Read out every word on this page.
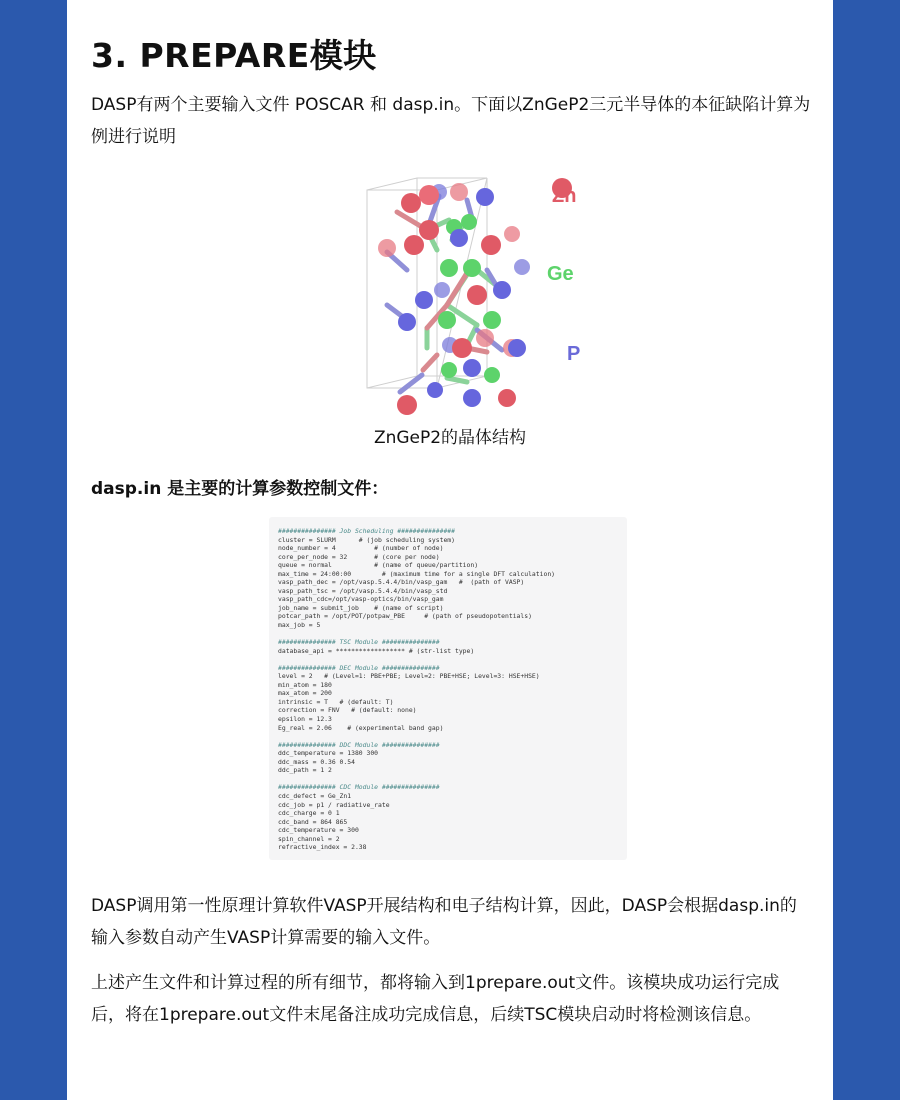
3. PREPARE模块

DASP有两个主要输入文件 POSCAR 和 dasp.in。下面以ZnGeP2三元半导体的本征缺陷计算为例进行说明

Zn
Ge
P
ZnGeP2的晶体结构
dasp.in 是主要的计算参数控制文件：
############### Job Scheduling ###############
cluster = SLURM      # (job scheduling system)
node_number = 4          # (number of node)
core_per_node = 32       # (core per node)
queue = normal           # (name of queue/partition)
max_time = 24:00:00        # (maximum time for a single DFT calculation)
vasp_path_dec = /opt/vasp.5.4.4/bin/vasp_gam   #  (path of VASP)
vasp_path_tsc = /opt/vasp.5.4.4/bin/vasp_std
vasp_path_cdc=/opt/vasp-optics/bin/vasp_gam
job_name = submit_job    # (name of script)
potcar_path = /opt/POT/potpaw_PBE     # (path of pseudopotentials)
max_job = 5

############### TSC Module ###############
database_api = ****************** # (str-list type)

############### DEC Module ###############
level = 2   # (Level=1: PBE+PBE; Level=2: PBE+HSE; Level=3: HSE+HSE)
min_atom = 180
max_atom = 200
intrinsic = T   # (default: T)
correction = FNV   # (default: none)
epsilon = 12.3
Eg_real = 2.06    # (experimental band gap)

############### DDC Module ###############
ddc_temperature = 1380 300
ddc_mass = 0.36 0.54
ddc_path = 1 2

############### CDC Module ###############
cdc_defect = Ge_Zn1
cdc_job = p1 / radiative_rate
cdc_charge = 0 1
cdc_band = 864 865
cdc_temperature = 300
spin_channel = 2
refractive_index = 2.38

DASP调用第一性原理计算软件VASP开展结构和电子结构计算，因此，DASP会根据dasp.in的输入参数自动产生VASP计算需要的输入文件。

上述产生文件和计算过程的所有细节，都将输入到1prepare.out文件。该模块成功运行完成后，将在1prepare.out文件末尾备注成功完成信息，后续TSC模块启动时将检测该信息。
